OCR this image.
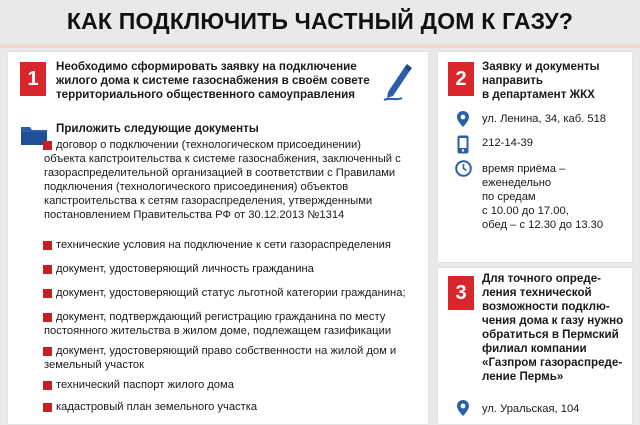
КАК ПОДКЛЮЧИТЬ ЧАСТНЫЙ ДОМ К ГАЗУ?
1
Необходимо сформировать заявку на подключение
жилого дома к системе газоснабжения в своём совете
территориального общественного самоуправления
Приложить следующие документы
договор о подключении (технологическом присоединении)
объекта капстроительства к системе газоснабжения, заключенный с
газораспределительной организацией в соответствии с Правилами
подключения (технологического присоединения) объектов
капстроительства к сетям газораспределения, утвержденными
постановлением Правительства РФ от 30.12.2013 №1314
технические условия на подключение к сети газораспределения
документ, удостоверяющий личность гражданина
документ, удостоверяющий статус льготной категории гражданина;
документ, подтверждающий регистрацию гражданина по месту
постоянного жительства в жилом доме, подлежащем газификации
документ, удостоверяющий право собственности на жилой дом и
земельный участок
технический паспорт жилого дома
кадастровый план земельного участка
2
Заявку и документы
направить
в департамент ЖКХ
ул. Ленина, 34, каб. 518
212-14-39
время приёма –
еженедельно
по средам
с 10.00 до 17.00,
обед – с 12.30 до 13.30
3
Для точного опреде-
ления технической
возможности подклю-
чения дома к газу нужно
обратиться в Пермский
филиал компании
«Газпром газораспреде-
ление Пермь»
ул. Уральская, 104
